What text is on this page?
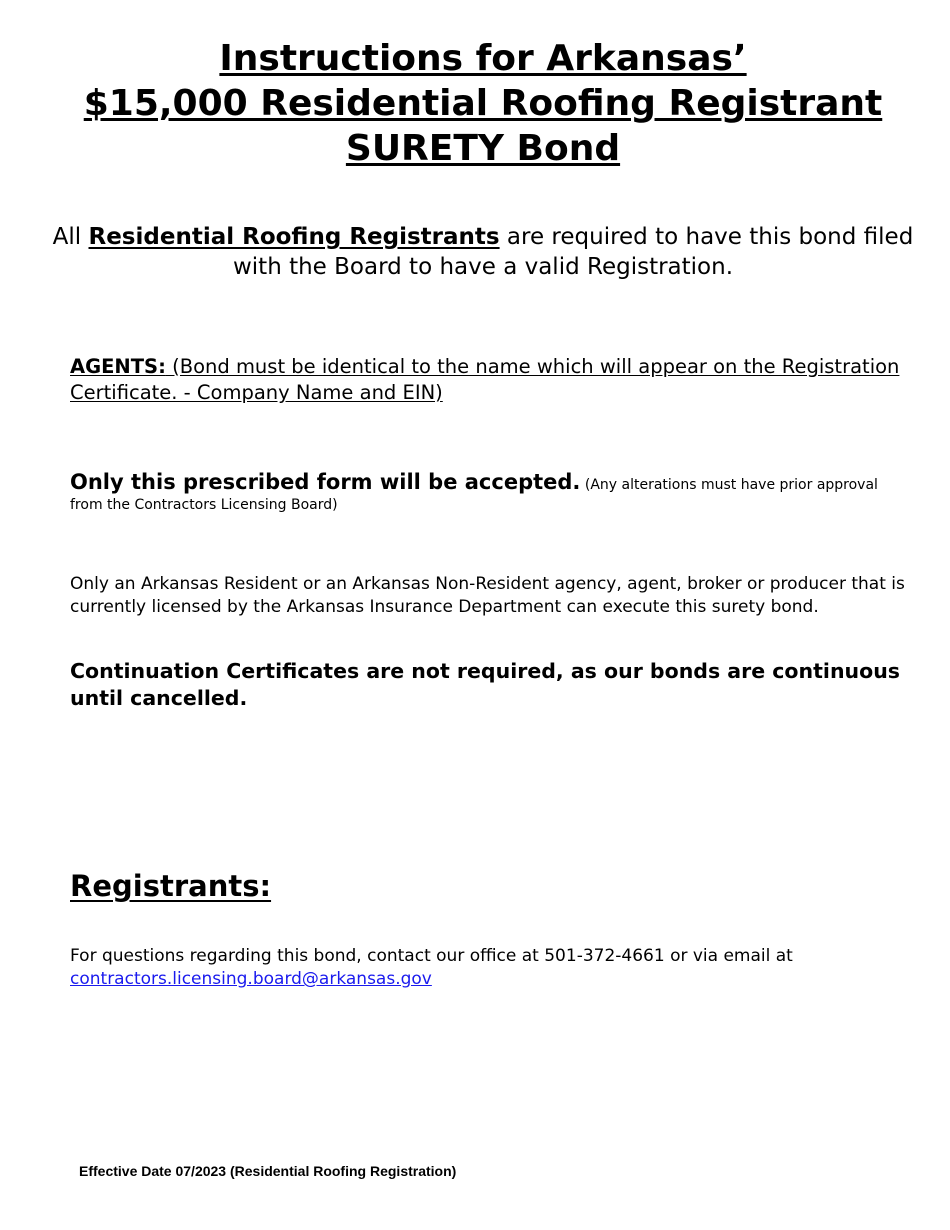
Instructions for Arkansas’
$15,000 Residential Roofing Registrant
SURETY Bond
All Residential Roofing Registrants are required to have this bond filed with the Board to have a valid Registration.
AGENTS: (Bond must be identical to the name which will appear on the Registration Certificate. - Company Name and EIN)
Only this prescribed form will be accepted. (Any alterations must have prior approval from the Contractors Licensing Board)
Only an Arkansas Resident or an Arkansas Non-Resident agency, agent, broker or producer that is currently licensed by the Arkansas Insurance Department can execute this surety bond.
Continuation Certificates are not required, as our bonds are continuous until cancelled.
Registrants:
For questions regarding this bond, contact our office at 501-372-4661 or via email at
contractors.licensing.board@arkansas.gov
Effective Date 07/2023 (Residential Roofing Registration)
